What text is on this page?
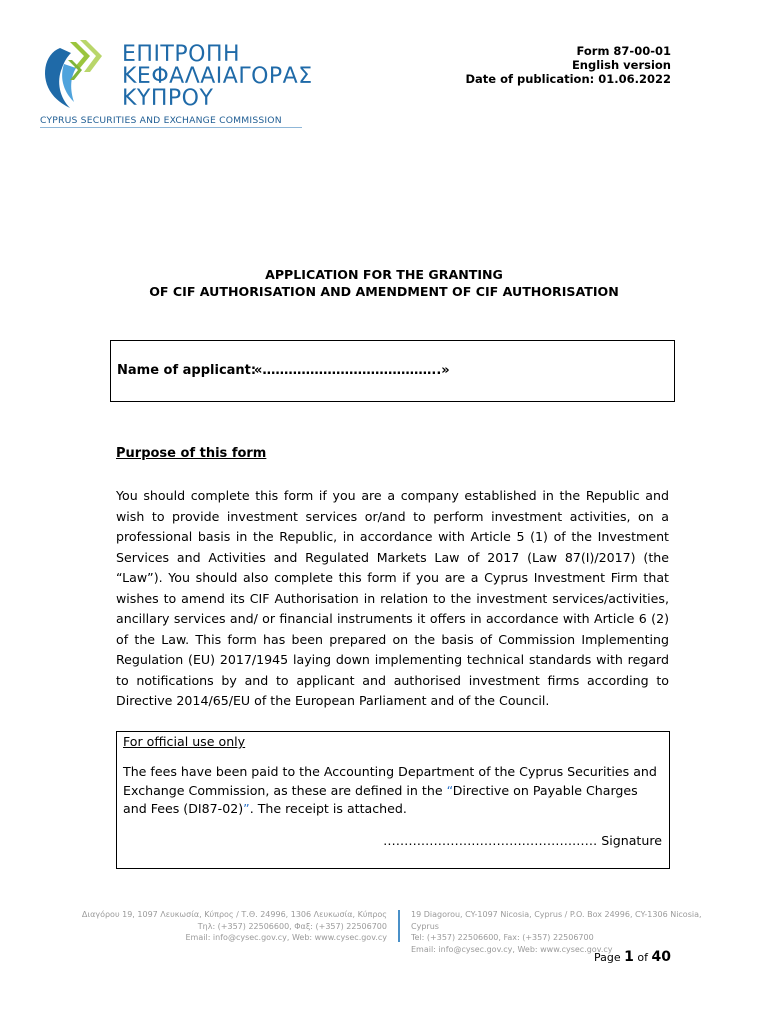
ΕΠΙΤΡΟΠΗ
ΚΕΦΑΛΑΙΑΓΟΡΑΣ
ΚΥΠΡΟΥ
CYPRUS SECURITIES AND EXCHANGE COMMISSION
Form 87-00-01
English version
Date of publication: 01.06.2022
APPLICATION FOR THE GRANTING
OF CIF AUTHORISATION AND AMENDMENT OF CIF AUTHORISATION
Name of applicant:
«…………………………………..»
Purpose of this form

You should complete this form if you are a company established in the Republic and wish to provide investment services or/and to perform investment activities, on a professional basis in the Republic, in accordance with Article 5 (1) of the Investment Services and Activities and Regulated Markets Law of 2017 (Law 87(I)/2017) (the “Law”). You should also complete this form if you are a Cyprus Investment Firm that wishes to amend its CIF Authorisation in relation to the investment services/activities, ancillary services and/ or financial instruments it offers in accordance with Article 6 (2) of the Law. This form has been prepared on the basis of Commission Implementing Regulation (EU) 2017/1945 laying down implementing technical standards with regard to notifications by and to applicant and authorised investment firms according to Directive 2014/65/EU of the European Parliament and of the Council.

For official use only

The fees have been paid to the Accounting Department of the Cyprus Securities and Exchange Commission, as these are defined in the “Directive on Payable Charges and Fees (DI87-02)”. The receipt is attached.

…………………………………………… Signature
Διαγόρου 19, 1097 Λευκωσία, Κύπρος / Τ.Θ. 24996, 1306 Λευκωσία, Κύπρος
Τηλ: (+357) 22506600, Φαξ: (+357) 22506700
Email: info@cysec.gov.cy, Web: www.cysec.gov.cy
19 Diagorou, CY-1097 Nicosia, Cyprus / P.O. Box 24996, CY-1306 Nicosia, Cyprus
Tel: (+357) 22506600, Fax: (+357) 22506700
Email: info@cysec.gov.cy, Web: www.cysec.gov.cy
Page 1 of 40
